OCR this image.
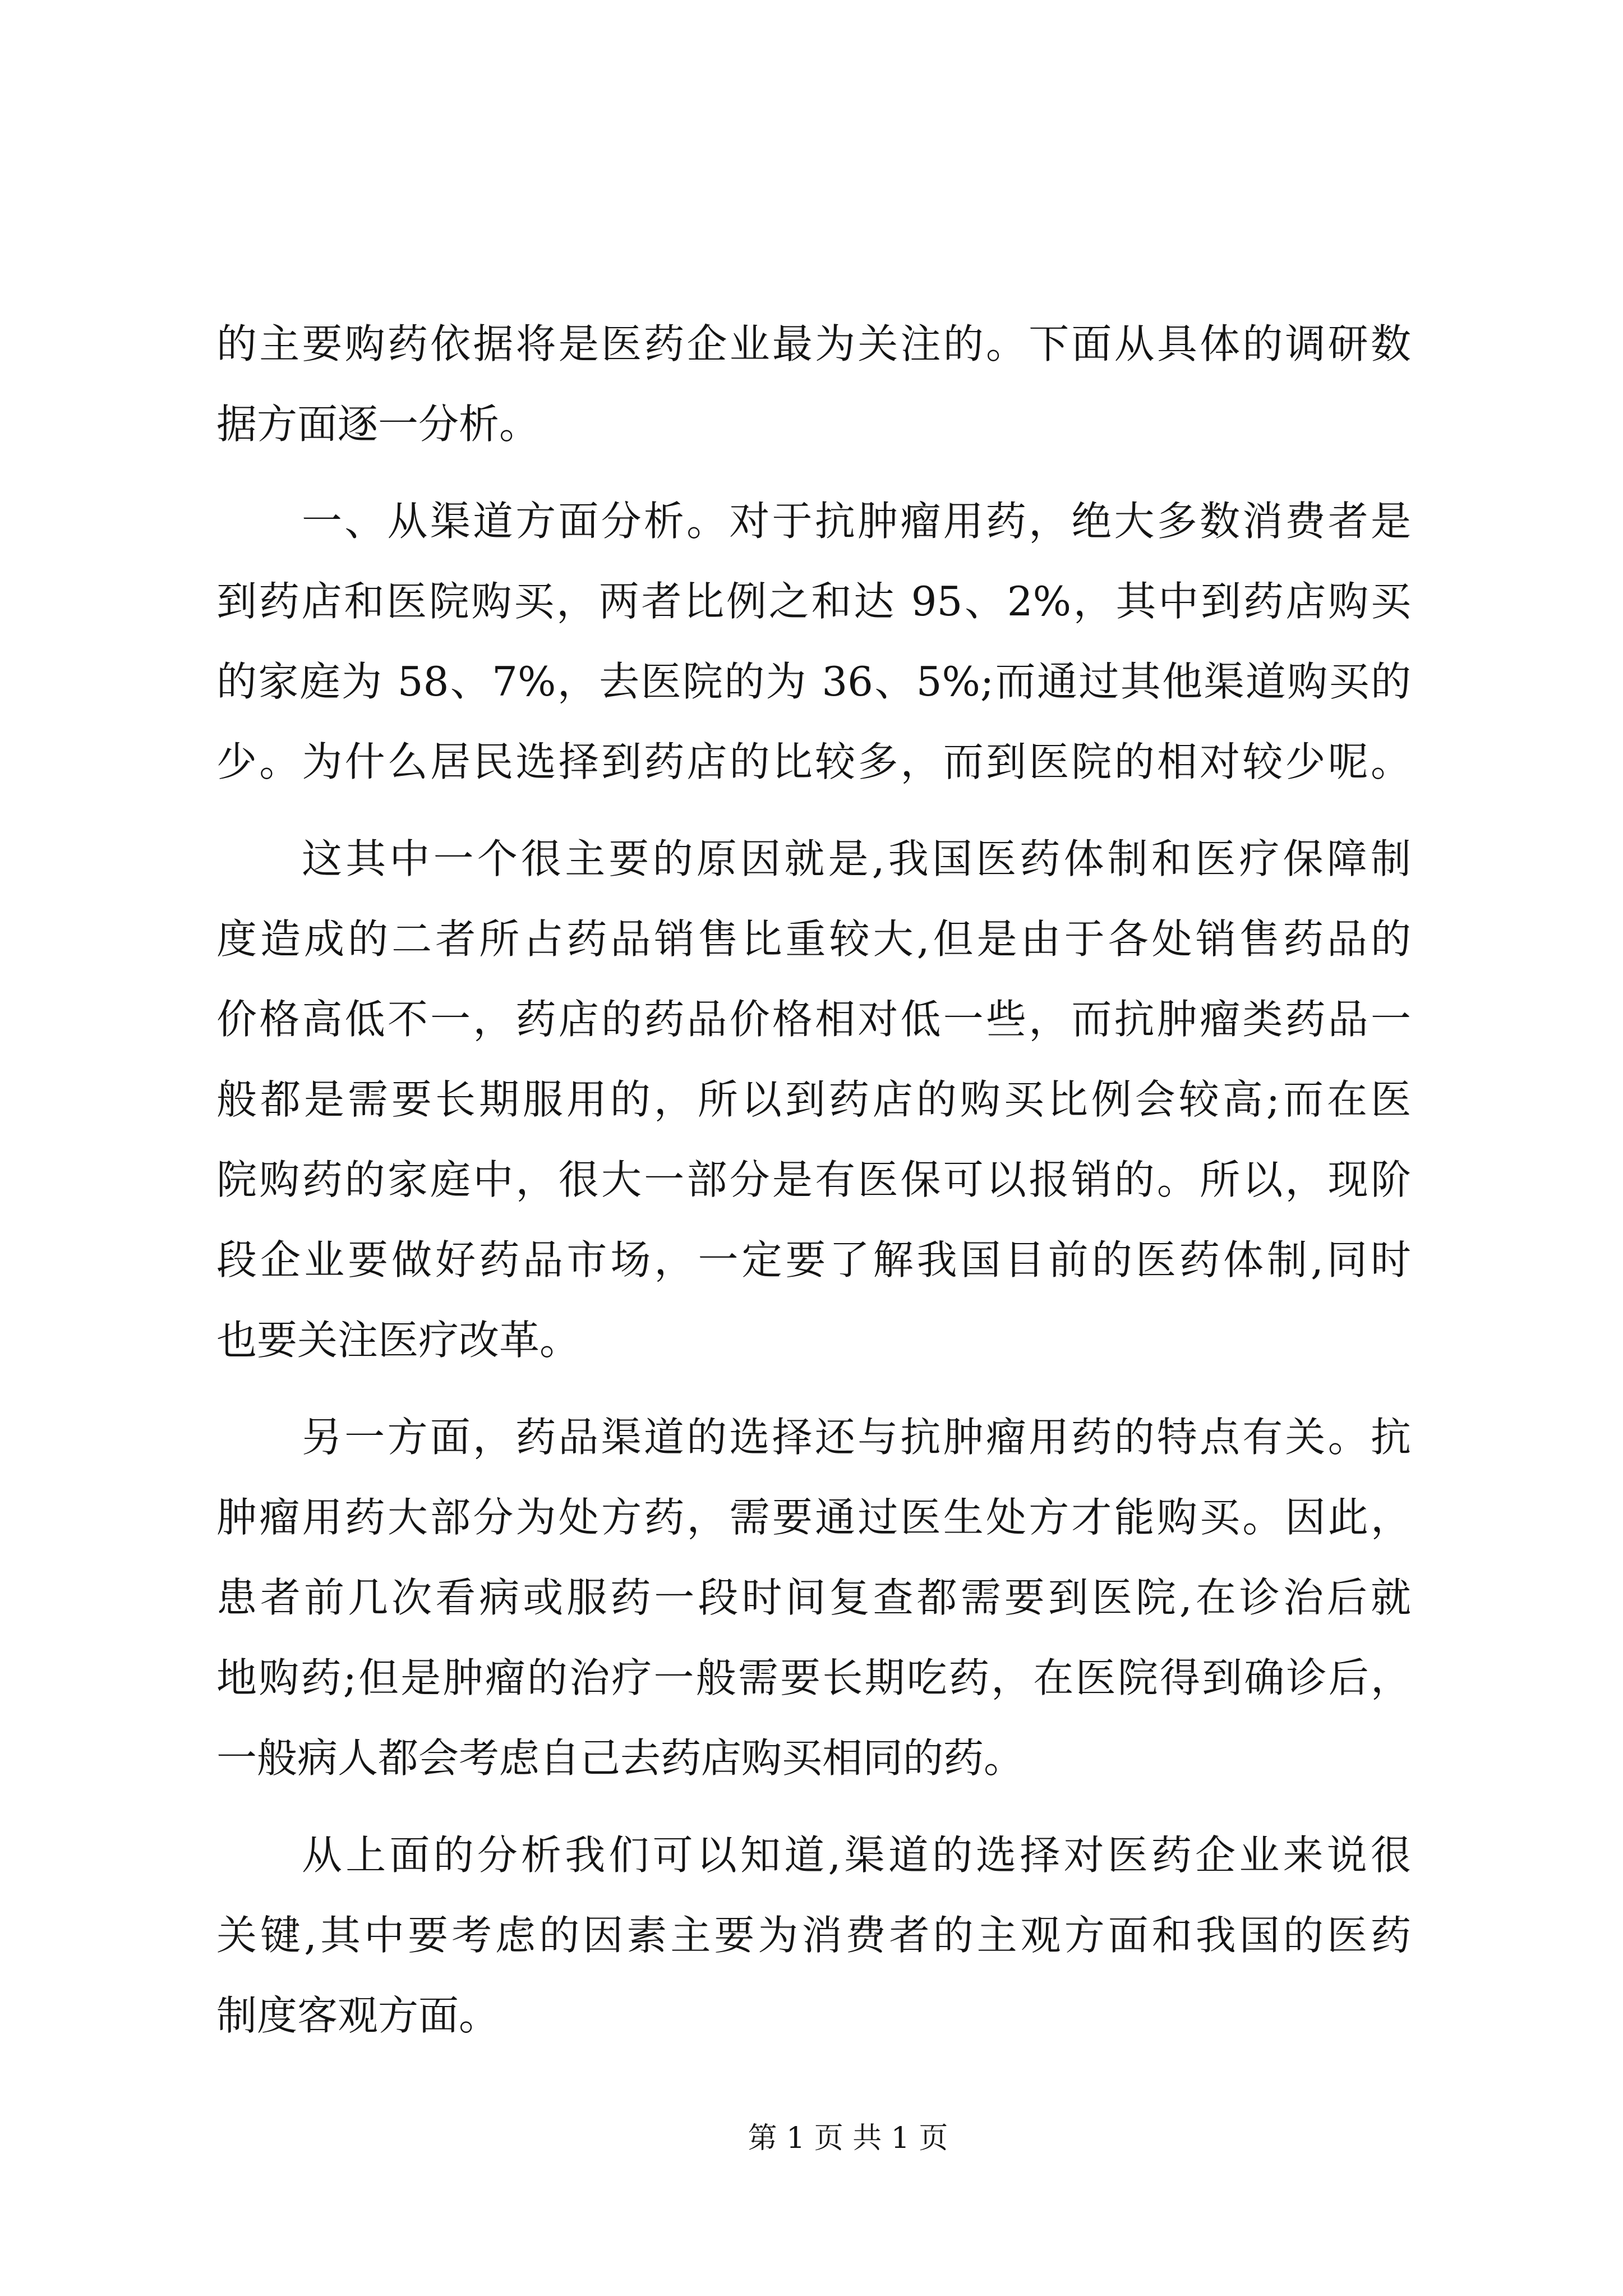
的主要购药依据将是医药企业最为关注的。下面从具体的调研数
据方面逐一分析。
一、从渠道方面分析。对于抗肿瘤用药，绝大多数消费者是
到药店和医院购买，两者比例之和达 95、2%，其中到药店购买
的家庭为 58、7%，去医院的为 36、5%;而通过其他渠道购买的
少。为什么居民选择到药店的比较多，而到医院的相对较少呢。
这其中一个很主要的原因就是,我国医药体制和医疗保障制
度造成的二者所占药品销售比重较大,但是由于各处销售药品的
价格高低不一，药店的药品价格相对低一些，而抗肿瘤类药品一
般都是需要长期服用的，所以到药店的购买比例会较高;而在医
院购药的家庭中，很大一部分是有医保可以报销的。所以，现阶
段企业要做好药品市场，一定要了解我国目前的医药体制,同时
也要关注医疗改革。
另一方面，药品渠道的选择还与抗肿瘤用药的特点有关。抗
肿瘤用药大部分为处方药，需要通过医生处方才能购买。因此，
患者前几次看病或服药一段时间复查都需要到医院,在诊治后就
地购药;但是肿瘤的治疗一般需要长期吃药，在医院得到确诊后，
一般病人都会考虑自己去药店购买相同的药。
从上面的分析我们可以知道,渠道的选择对医药企业来说很
关键,其中要考虑的因素主要为消费者的主观方面和我国的医药
制度客观方面。
第 1 页 共 1 页
